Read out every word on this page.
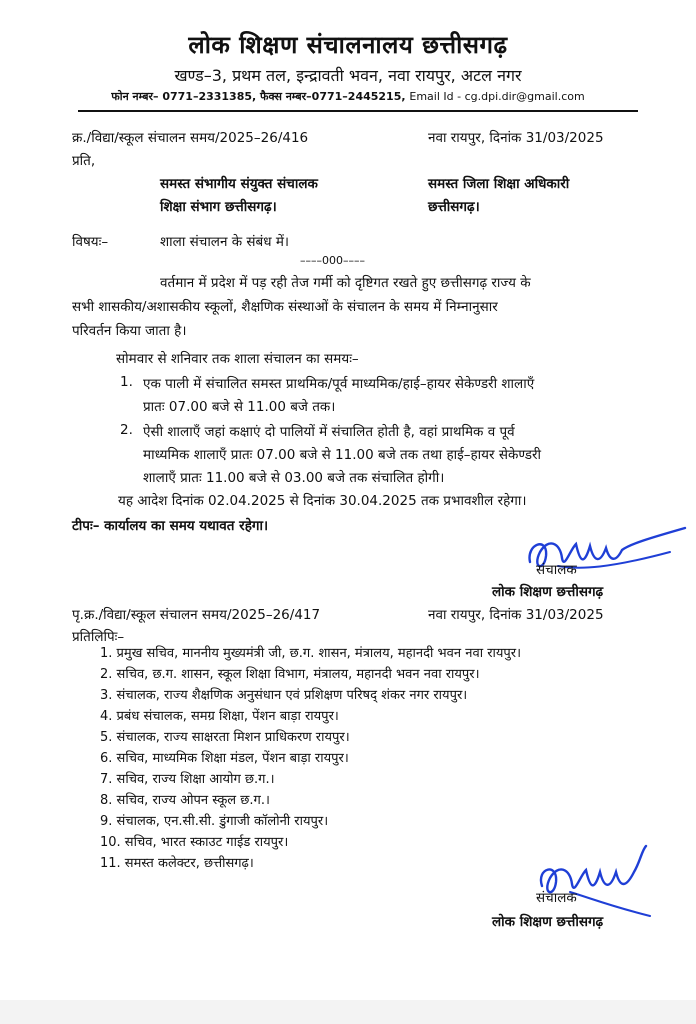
लोक शिक्षण संचालनालय छत्तीसगढ़
खण्ड–3, प्रथम तल, इन्द्रावती भवन, नवा रायपुर, अटल नगर
फोन नम्बर– 0771–2331385, फैक्स नम्बर–0771–2445215, Email Id - cg.dpi.dir@gmail.com
क्र./विद्या/स्कूल संचालन समय/2025–26/416	नवा रायपुर, दिनांक 31/03/2025
प्रति,
समस्त संभागीय संयुक्त संचालक
शिक्षा संभाग छत्तीसगढ़।
समस्त जिला शिक्षा अधिकारी
छत्तीसगढ़।
विषयः–	शाला संचालन के संबंध में।
––––000––––
वर्तमान में प्रदेश में पड़ रही तेज गर्मी को दृष्टिगत रखते हुए छत्तीसगढ़ राज्य के
सभी शासकीय/अशासकीय स्कूलों, शैक्षणिक संस्थाओं के संचालन के समय में निम्नानुसार
परिवर्तन किया जाता है।
सोमवार से शनिवार तक शाला संचालन का समयः–
1. एक पाली में संचालित समस्त प्राथमिक/पूर्व माध्यमिक/हाई–हायर सेकेण्डरी शालाऍं
प्रातः 07.00 बजे से 11.00 बजे तक।
2. ऐसी शालाऍं जहां कक्षाएं दो पालियों में संचालित होती है, वहां प्राथमिक व पूर्व
माध्यमिक शालाऍं प्रातः 07.00 बजे से 11.00 बजे तक तथा हाई–हायर सेकेण्डरी
शालाऍं प्रातः 11.00 बजे से 03.00 बजे तक संचालित होगी।
यह आदेश दिनांक 02.04.2025 से दिनांक 30.04.2025 तक प्रभावशील रहेगा।
टीपः– कार्यालय का समय यथावत रहेगा।
संचालक
लोक शिक्षण छत्तीसगढ़
पृ.क्र./विद्या/स्कूल संचालन समय/2025–26/417	नवा रायपुर, दिनांक 31/03/2025
प्रतिलिपिः–
1. प्रमुख सचिव, माननीय मुख्यमंत्री जी, छ.ग. शासन, मंत्रालय, महानदी भवन नवा रायपुर।
2. सचिव, छ.ग. शासन, स्कूल शिक्षा विभाग, मंत्रालय, महानदी भवन नवा रायपुर।
3. संचालक, राज्य शैक्षणिक अनुसंधान एवं प्रशिक्षण परिषद् शंकर नगर रायपुर।
4. प्रबंध संचालक, समग्र शिक्षा, पेंशन बाड़ा रायपुर।
5. संचालक, राज्य साक्षरता मिशन प्राधिकरण रायपुर।
6. सचिव, माध्यमिक शिक्षा मंडल, पेंशन बाड़ा रायपुर।
7. सचिव, राज्य शिक्षा आयोग छ.ग.।
8. सचिव, राज्य ओपन स्कूल छ.ग.।
9. संचालक, एन.सी.सी. डुंगाजी कॉलोनी रायपुर।
10. सचिव, भारत स्काउट गाईड रायपुर।
11. समस्त कलेक्टर, छत्तीसगढ़।
संचालक
लोक शिक्षण छत्तीसगढ़
